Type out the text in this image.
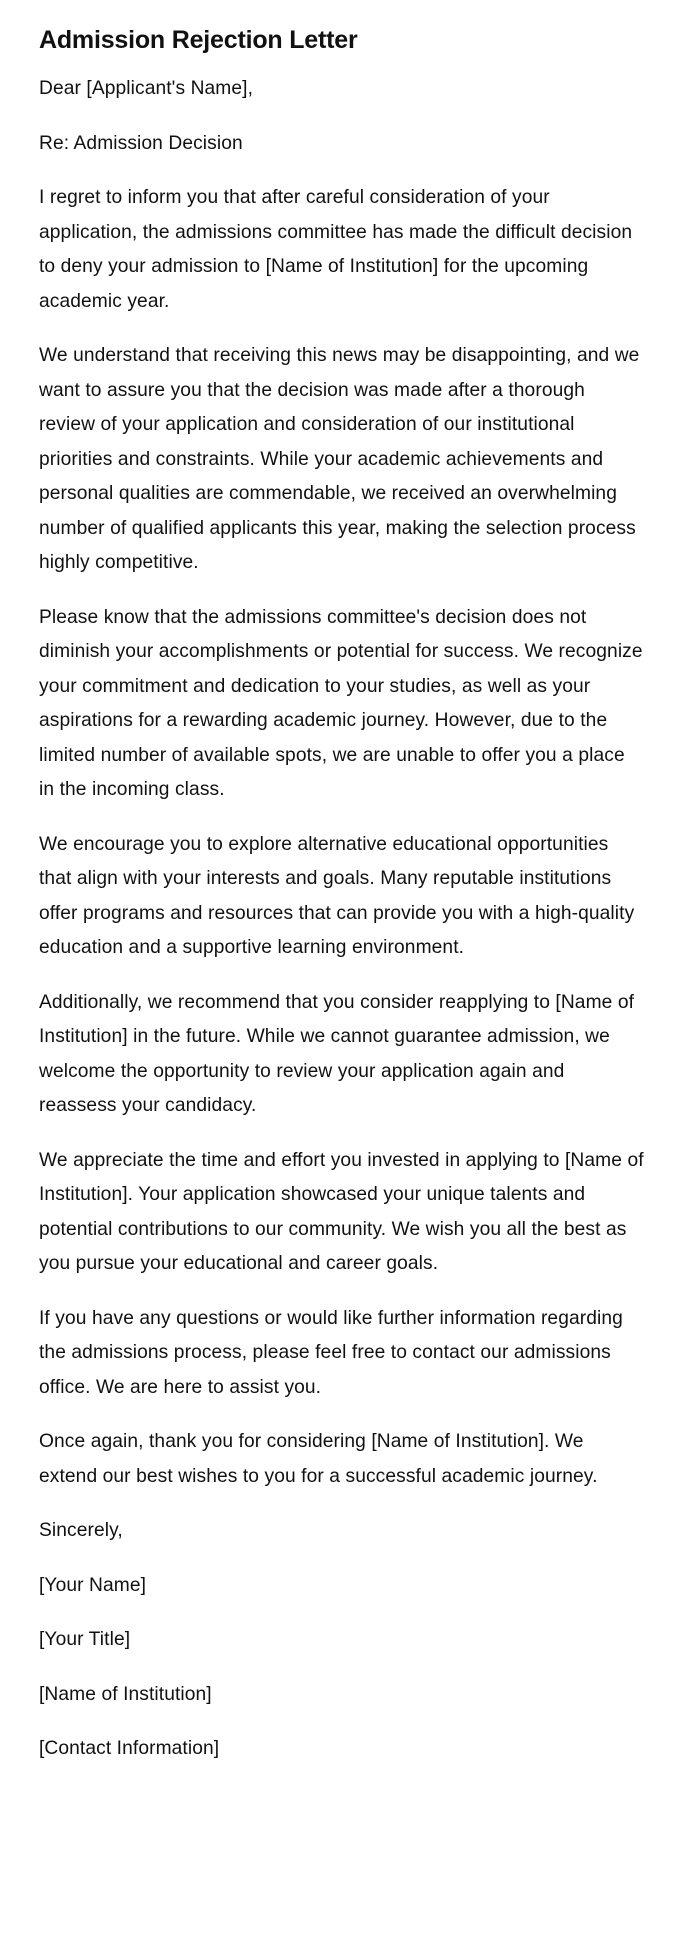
Admission Rejection Letter

Dear [Applicant's Name],

Re: Admission Decision

I regret to inform you that after careful consideration of your application, the admissions committee has made the difficult decision to deny your admission to [Name of Institution] for the upcoming academic year.

We understand that receiving this news may be disappointing, and we want to assure you that the decision was made after a thorough review of your application and consideration of our institutional priorities and constraints. While your academic achievements and personal qualities are commendable, we received an overwhelming number of qualified applicants this year, making the selection process highly competitive.

Please know that the admissions committee's decision does not diminish your accomplishments or potential for success. We recognize your commitment and dedication to your studies, as well as your aspirations for a rewarding academic journey. However, due to the limited number of available spots, we are unable to offer you a place in the incoming class.

We encourage you to explore alternative educational opportunities that align with your interests and goals. Many reputable institutions offer programs and resources that can provide you with a high-quality education and a supportive learning environment.

Additionally, we recommend that you consider reapplying to [Name of Institution] in the future. While we cannot guarantee admission, we welcome the opportunity to review your application again and reassess your candidacy.

We appreciate the time and effort you invested in applying to [Name of Institution]. Your application showcased your unique talents and potential contributions to our community. We wish you all the best as you pursue your educational and career goals.

If you have any questions or would like further information regarding the admissions process, please feel free to contact our admissions office. We are here to assist you.

Once again, thank you for considering [Name of Institution]. We extend our best wishes to you for a successful academic journey.

Sincerely,

[Your Name]

[Your Title]

[Name of Institution]

[Contact Information]
